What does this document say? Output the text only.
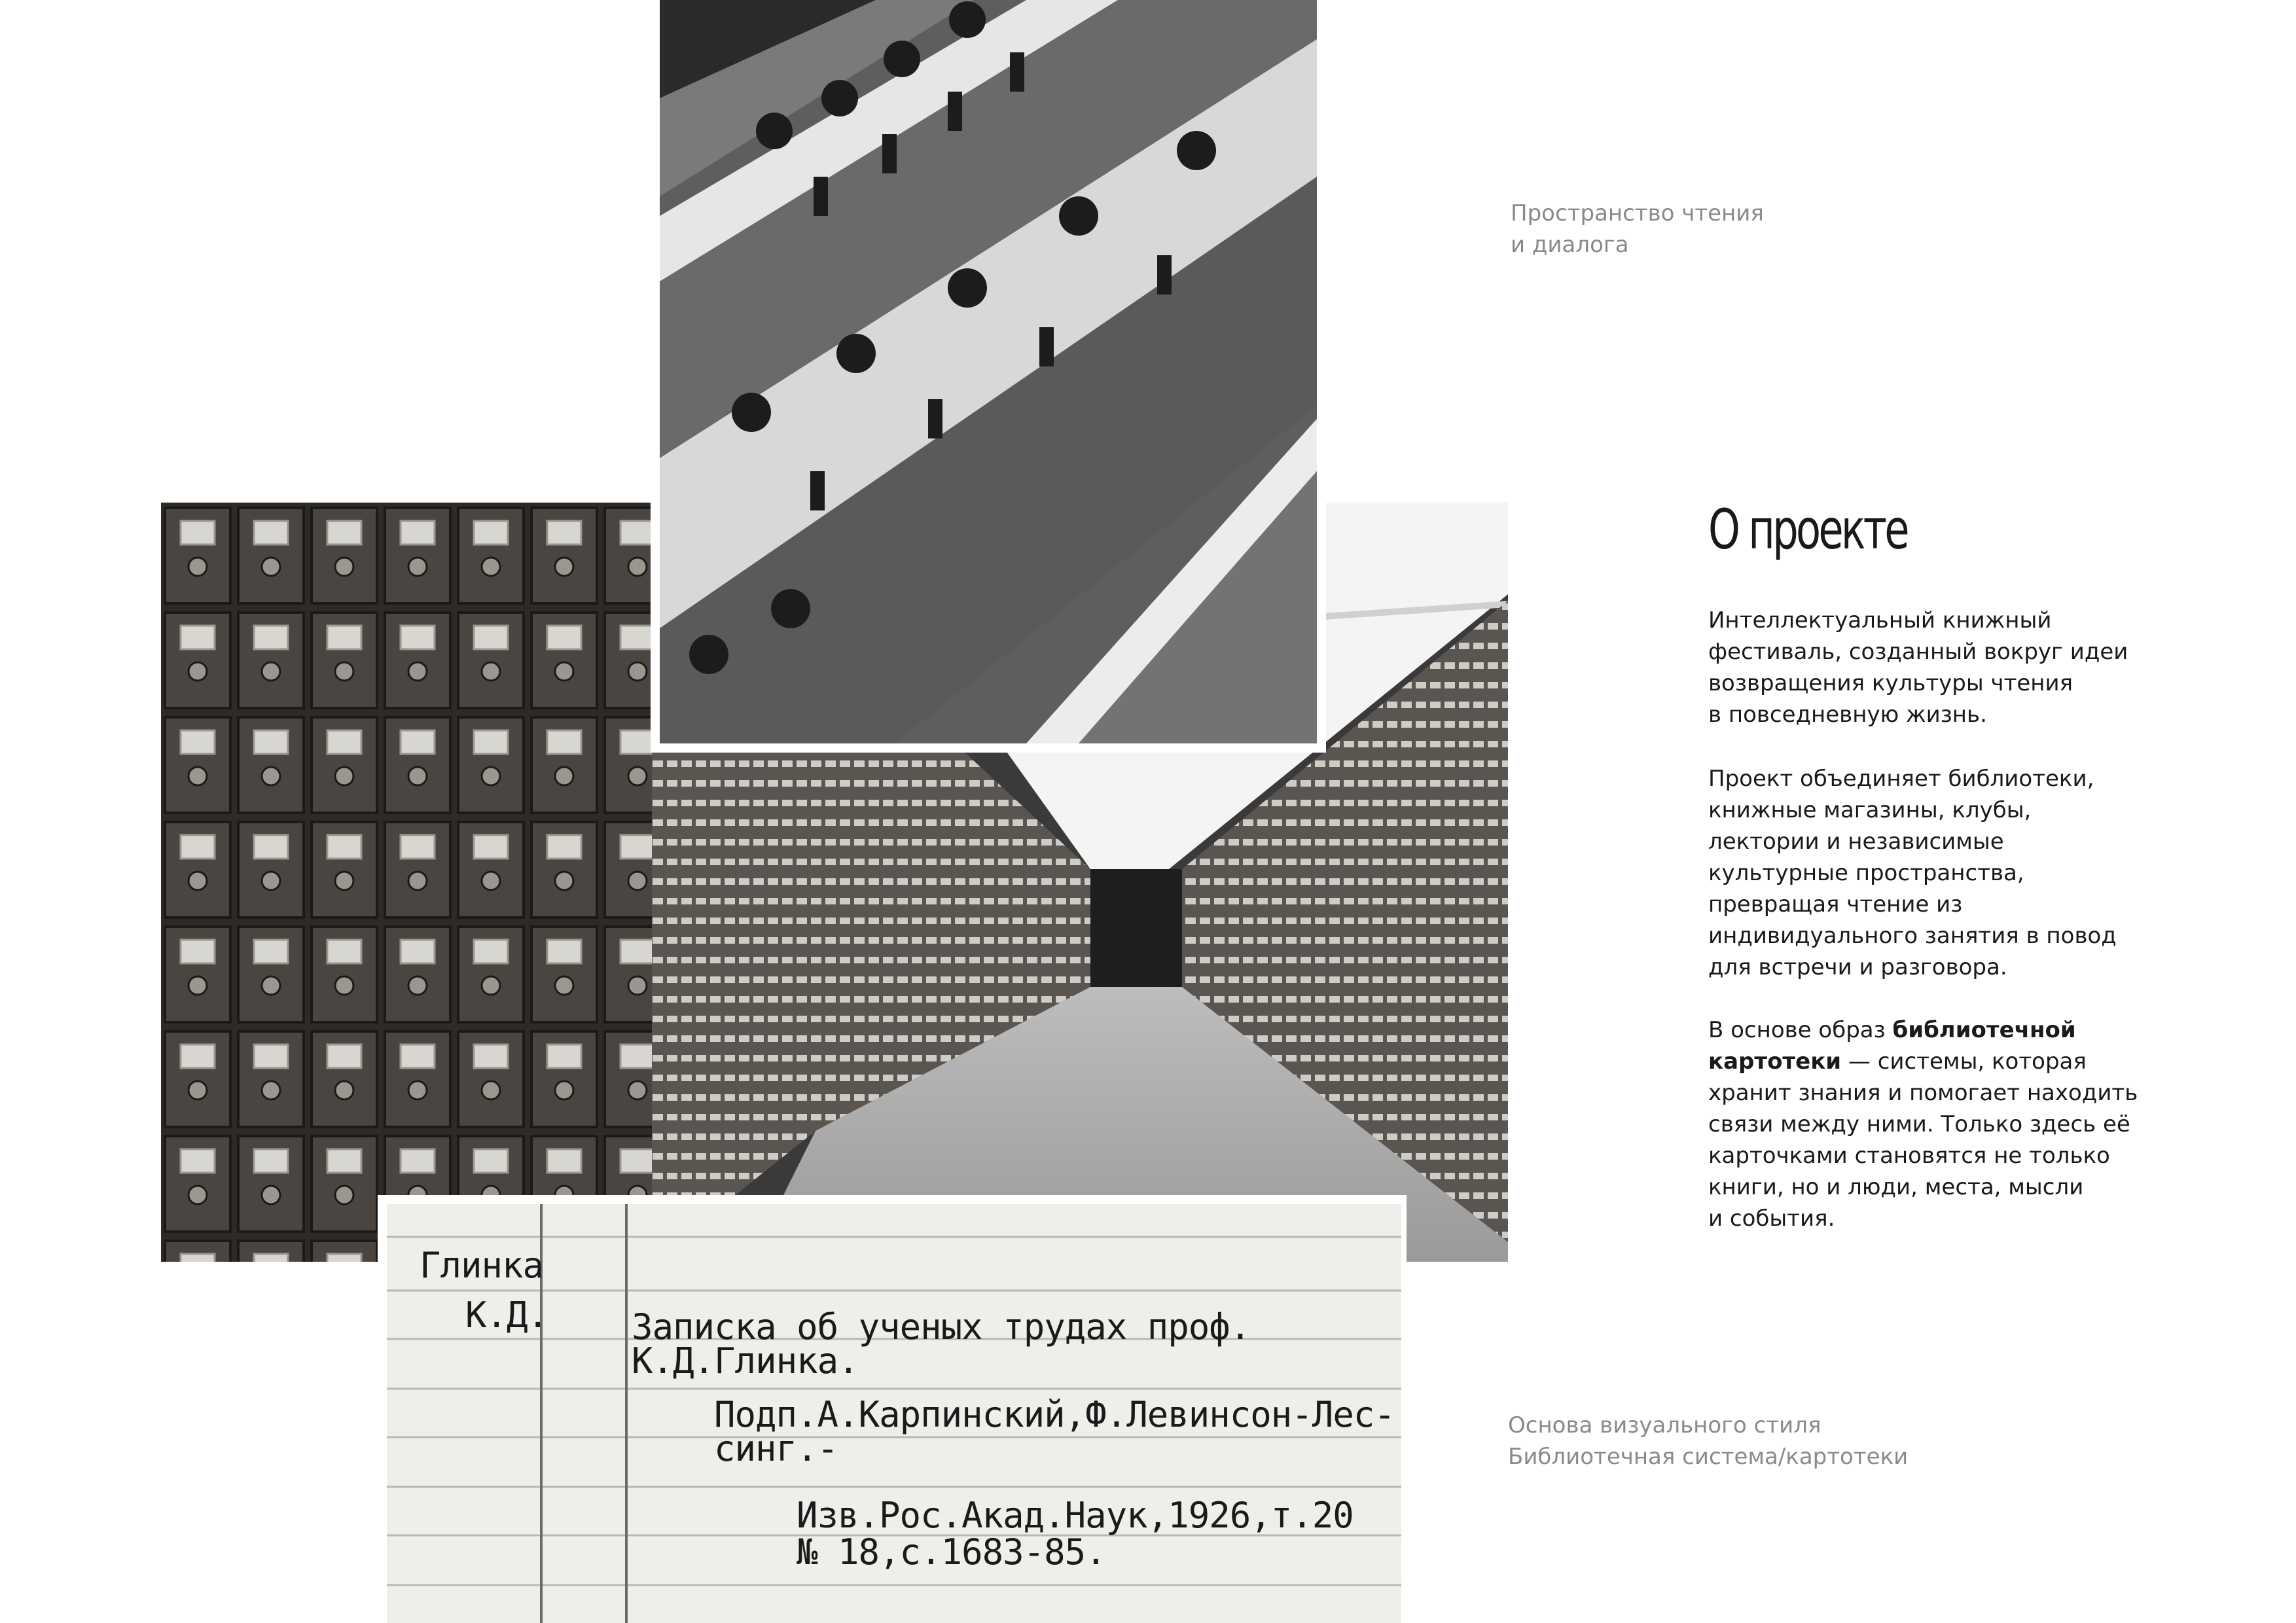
Глинка
К.Д. Записка об ученых трудах проф.
К.Д.Глинка.
Подп.А.Карпинский,Ф.Левинсон-Лес-
синг.-
Изв.Рос.Акад.Наук,1926,т.20
№ 18,с.1683-85.
Пространство чтения
и диалога
Основа визуального стиля
Библиотечная система/картотеки
О проекте

Интеллектуальный книжный
фестиваль, созданный вокруг идеи
возвращения культуры чтения
в повседневную жизнь.

Проект объединяет библиотеки,
книжные магазины, клубы,
лектории и независимые
культурные пространства,
превращая чтение из
индивидуального занятия в повод
для встречи и разговора.

В основе образ библиотечной
картотеки — системы, которая
хранит знания и помогает находить
связи между ними. Только здесь её
карточками становятся не только
книги, но и люди, места, мысли
и события.
